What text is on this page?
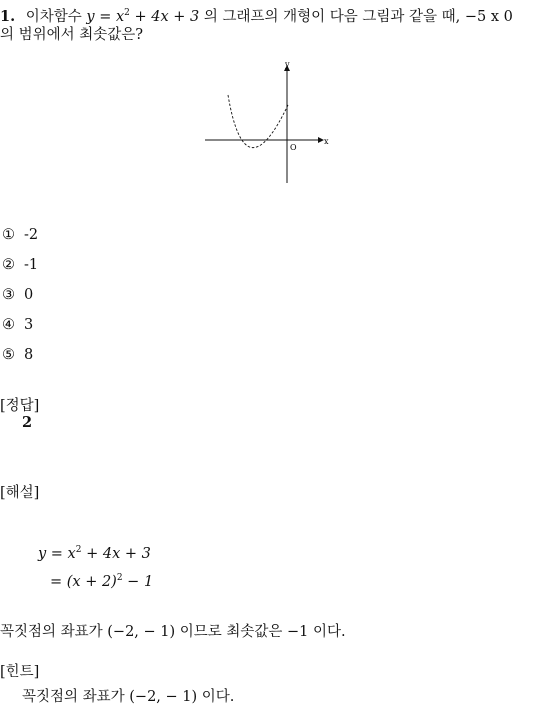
1. 이차함수 $y = x^2 + 4x + 3$ 의 그래프의 개형이 다음 그림과 같을 때, −5 x 0
의 범위에서 최솟값은?
y
x
O
① -2
② -1
③ 0
④ 3
⑤ 8
[정답]
2
[해설]
$y = x^2 + 4x + 3$
= $(x + 2)^2 - 1$
꼭짓점의 좌표가 (−2, − 1) 이므로 최솟값은 −1 이다.
[힌트]
꼭짓점의 좌표가 (−2, − 1) 이다.
